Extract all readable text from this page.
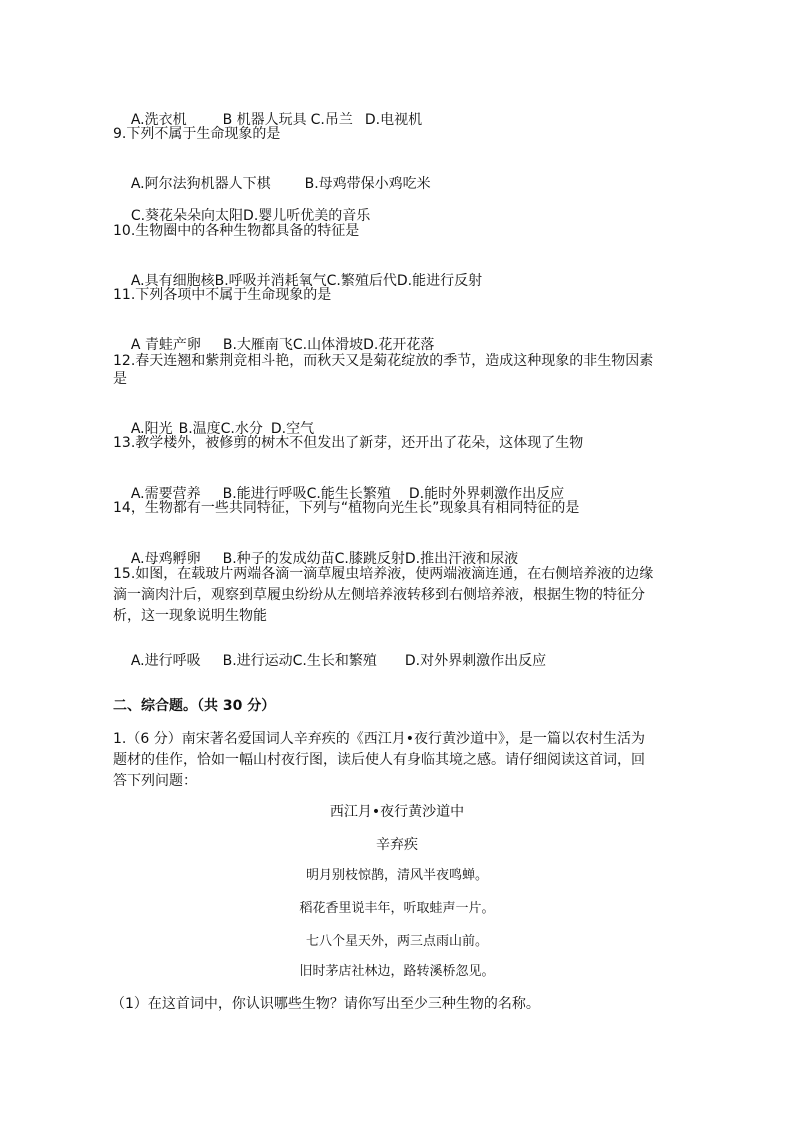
A.洗衣机	B 机器人玩具 C.吊兰 D.电视机

9.下列不属于生命现象的是

A.阿尔法狗机器人下棋 B.母鸡带保小鸡吃米

C.葵花朵朵向太阳D.婴儿听优美的音乐

10.生物圈中的各种生物都具备的特征是

A.具有细胞核B.呼吸并消耗氧气C.繁殖后代D.能进行反射

11.下列各项中不属于生命现象的是

A 青蛙产卵 B.大雁南飞C.山体滑坡D.花开花落

12.春天连翘和紫荆竞相斗艳，而秋天又是菊花绽放的季节，造成这种现象的非生物因素
是

A.阳光 B.温度C.水分 D.空气

13.教学楼外，被修剪的树木不但发出了新芽，还开出了花朵，这体现了生物

A.需要营养 B.能进行呼吸C.能生长繁殖 D.能时外界刺激作出反应

14，生物都有一些共同特征，下列与“植物向光生长”现象具有相同特征的是

A.母鸡孵卵 B.种子的发成幼苗C.膝跳反射D.推出汗液和尿液

15.如图，在载玻片两端各滴一滴草履虫培养液，使两端液滴连通，在右侧培养液的边缘
滴一滴肉汁后，观察到草履虫纷纷从左侧培养液转移到右侧培养液，根据生物的特征分
析，这一现象说明生物能

A.进行呼吸 B.进行运动C.生长和繁殖 D.对外界刺激作出反应

二、综合题。（共 30 分）
1.（6 分）南宋著名爱国词人辛弃疾的《西江月•夜行黄沙道中》，是一篇以农村生活为
题材的佳作，恰如一幅山村夜行图，读后使人有身临其境之感。请仔细阅读这首词，回
答下列问题：
西江月•夜行黄沙道中
辛弃疾
明月别枝惊鹊，清风半夜鸣蝉。
稻花香里说丰年，听取蛙声一片。
七八个星天外，两三点雨山前。
旧时茅店社林边，路转溪桥忽见。
（1）在这首词中，你认识哪些生物？请你写出至少三种生物的名称。
